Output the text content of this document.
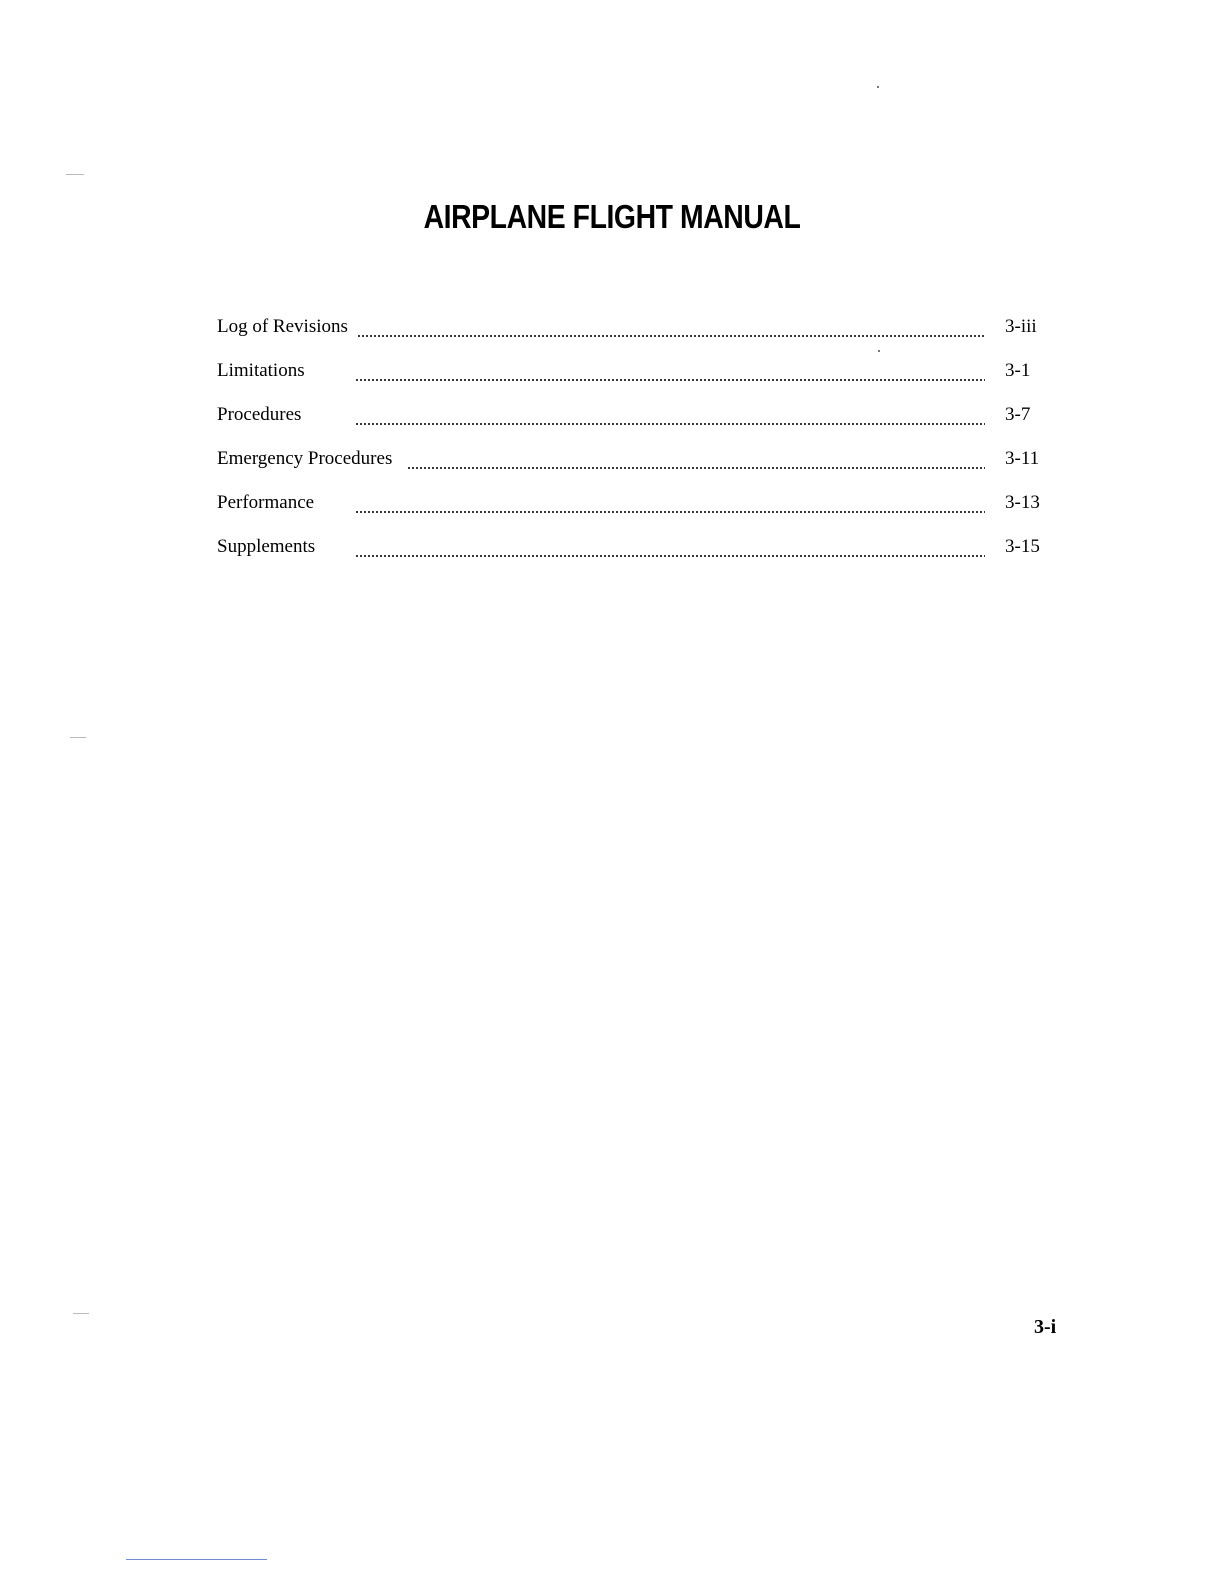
AIRPLANE FLIGHT MANUAL
Log of Revisions	3-iii
Limitations	3-1
Procedures	3-7
Emergency Procedures	3-11
Performance	3-13
Supplements	3-15
3-i
